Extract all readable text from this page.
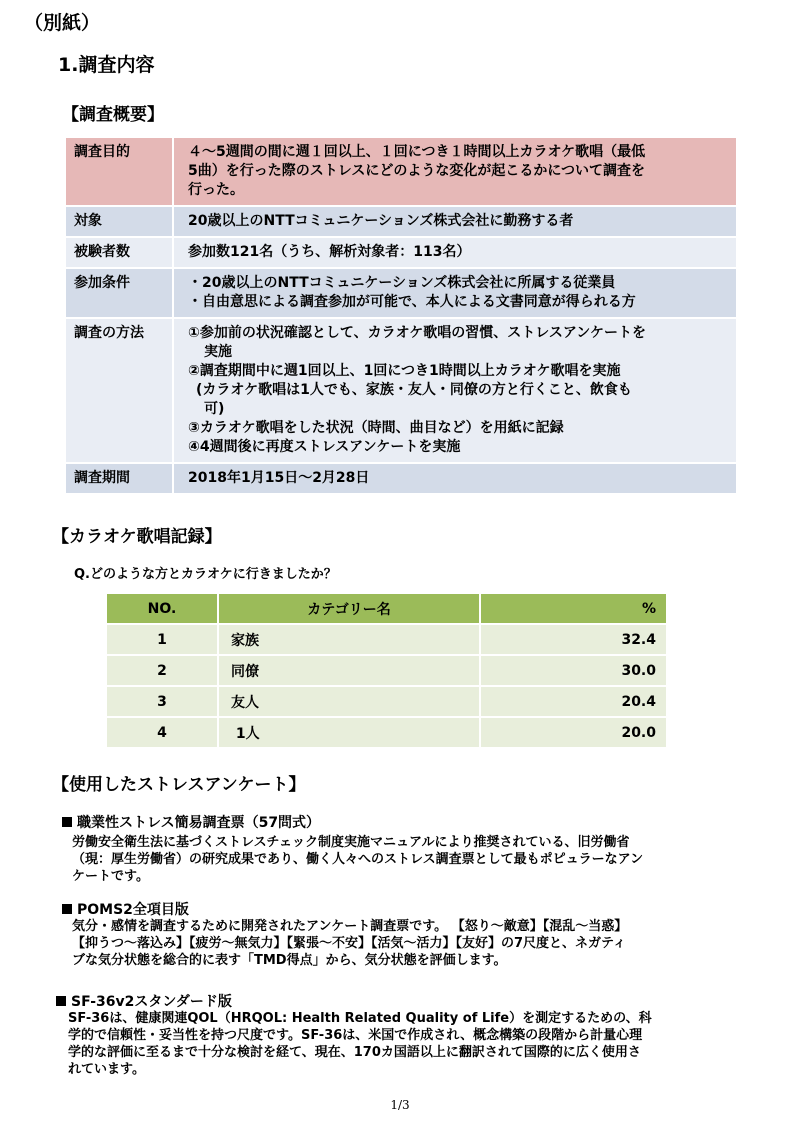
（別紙）
1.調査内容
【調査概要】
調査目的	４～5週間の間に週１回以上、１回につき１時間以上カラオケ歌唱（最低
5曲）を行った際のストレスにどのような変化が起こるかについて調査を
行った。
対象	20歳以上のNTTコミュニケーションズ株式会社に勤務する者
被験者数	参加数121名（うち、解析対象者：113名）
参加条件	・20歳以上のNTTコミュニケーションズ株式会社に所属する従業員
・自由意思による調査参加が可能で、本人による文書同意が得られる方
調査の方法	①参加前の状況確認として、カラオケ歌唱の習慣、ストレスアンケートを
実施
②調査期間中に週1回以上、1回につき1時間以上カラオケ歌唱を実施
(カラオケ歌唱は1人でも、家族・友人・同僚の方と行くこと、飲食も
可)
③カラオケ歌唱をした状況（時間、曲目など）を用紙に記録
④4週間後に再度ストレスアンケートを実施
調査期間	2018年1月15日～2月28日
【カラオケ歌唱記録】
Q.どのような方とカラオケに行きましたか？
NO.	カテゴリー名	%
1	家族	32.4
2	同僚	30.0
3	友人	20.4
4	1人	20.0
【使用したストレスアンケート】
職業性ストレス簡易調査票（57問式）
労働安全衛生法に基づくストレスチェック制度実施マニュアルにより推奨されている、旧労働省
（現：厚生労働省）の研究成果であり、働く人々へのストレス調査票として最もポピュラーなアン
ケートです。
POMS2全項目版
気分・感情を調査するために開発されたアンケート調査票です。 【怒り～敵意】【混乱～当惑】
【抑うつ～落込み】【疲労～無気力】【緊張～不安】【活気～活力】【友好】の7尺度と、ネガティ
ブな気分状態を総合的に表す「TMD得点」から、気分状態を評価します。
SF-36v2スタンダード版
SF-36は、健康関連QOL（HRQOL: Health Related Quality of Life）を測定するための、科
学的で信頼性・妥当性を持つ尺度です。SF-36は、米国で作成され、概念構築の段階から計量心理
学的な評価に至るまで十分な検討を経て、現在、170カ国語以上に翻訳されて国際的に広く使用さ
れています。
1/3
